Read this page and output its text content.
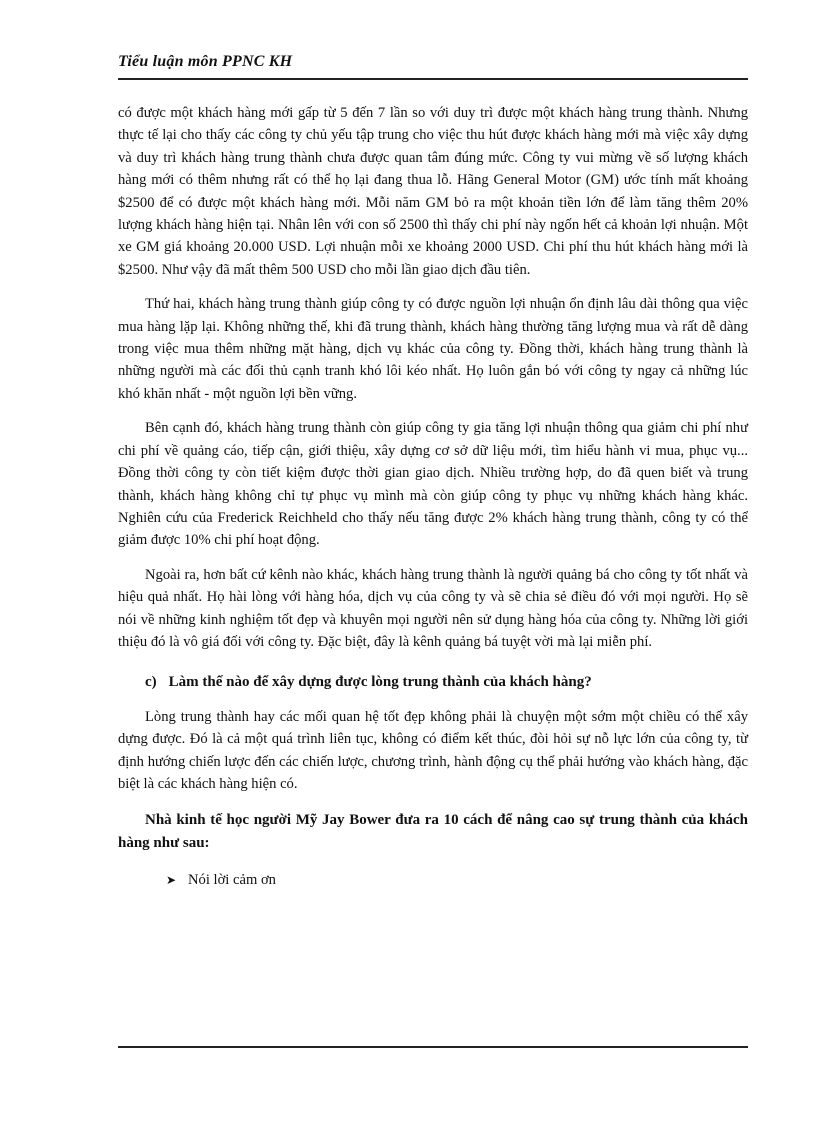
Tiểu luận môn PPNC KH

có được một khách hàng mới gấp từ 5 đến 7 lần so với duy trì được một khách hàng trung thành. Nhưng thực tế lại cho thấy các công ty chủ yếu tập trung cho việc thu hút được khách hàng mới mà việc xây dựng và duy trì khách hàng trung thành chưa được quan tâm đúng mức. Công ty vui mừng về số lượng khách hàng mới có thêm nhưng rất có thể họ lại đang thua lỗ. Hãng General Motor (GM) ước tính mất khoảng $2500 để có được một khách hàng mới. Mỗi năm GM bỏ ra một khoản tiền lớn để làm tăng thêm 20% lượng khách hàng hiện tại. Nhân lên với con số 2500 thì thấy chi phí này ngốn hết cả khoản lợi nhuận. Một xe GM giá khoảng 20.000 USD. Lợi nhuận mỗi xe khoảng 2000 USD. Chi phí thu hút khách hàng mới là $2500. Như vậy đã mất thêm 500 USD cho mỗi lần giao dịch đầu tiên.

Thứ hai, khách hàng trung thành giúp công ty có được nguồn lợi nhuận ổn định lâu dài thông qua việc mua hàng lặp lại. Không những thế, khi đã trung thành, khách hàng thường tăng lượng mua và rất dễ dàng trong việc mua thêm những mặt hàng, dịch vụ khác của công ty. Đồng thời, khách hàng trung thành là những người mà các đối thủ cạnh tranh khó lôi kéo nhất. Họ luôn gắn bó với công ty ngay cả những lúc khó khăn nhất - một nguồn lợi bền vững.

Bên cạnh đó, khách hàng trung thành còn giúp công ty gia tăng lợi nhuận thông qua giảm chi phí như chi phí về quảng cáo, tiếp cận, giới thiệu, xây dựng cơ sở dữ liệu mới, tìm hiểu hành vi mua, phục vụ... Đồng thời công ty còn tiết kiệm được thời gian giao dịch. Nhiều trường hợp, do đã quen biết và trung thành, khách hàng không chỉ tự phục vụ mình mà còn giúp công ty phục vụ những khách hàng khác. Nghiên cứu của Frederick Reichheld cho thấy nếu tăng được 2% khách hàng trung thành, công ty có thể giảm được 10% chi phí hoạt động.

Ngoài ra, hơn bất cứ kênh nào khác, khách hàng trung thành là người quảng bá cho công ty tốt nhất và hiệu quả nhất. Họ hài lòng với hàng hóa, dịch vụ của công ty và sẽ chia sẻ điều đó với mọi người. Họ sẽ nói về những kinh nghiệm tốt đẹp và khuyên mọi người nên sử dụng hàng hóa của công ty. Những lời giới thiệu đó là vô giá đối với công ty. Đặc biệt, đây là kênh quảng bá tuyệt vời mà lại miễn phí.

c) Làm thế nào để xây dựng được lòng trung thành của khách hàng?

Lòng trung thành hay các mối quan hệ tốt đẹp không phải là chuyện một sớm một chiều có thể xây dựng được. Đó là cả một quá trình liên tục, không có điểm kết thúc, đòi hỏi sự nỗ lực lớn của công ty, từ định hướng chiến lược đến các chiến lược, chương trình, hành động cụ thể phải hướng vào khách hàng, đặc biệt là các khách hàng hiện có.

Nhà kinh tế học người Mỹ Jay Bower đưa ra 10 cách để nâng cao sự trung thành của khách hàng như sau:

➤ Nói lời cảm ơn
